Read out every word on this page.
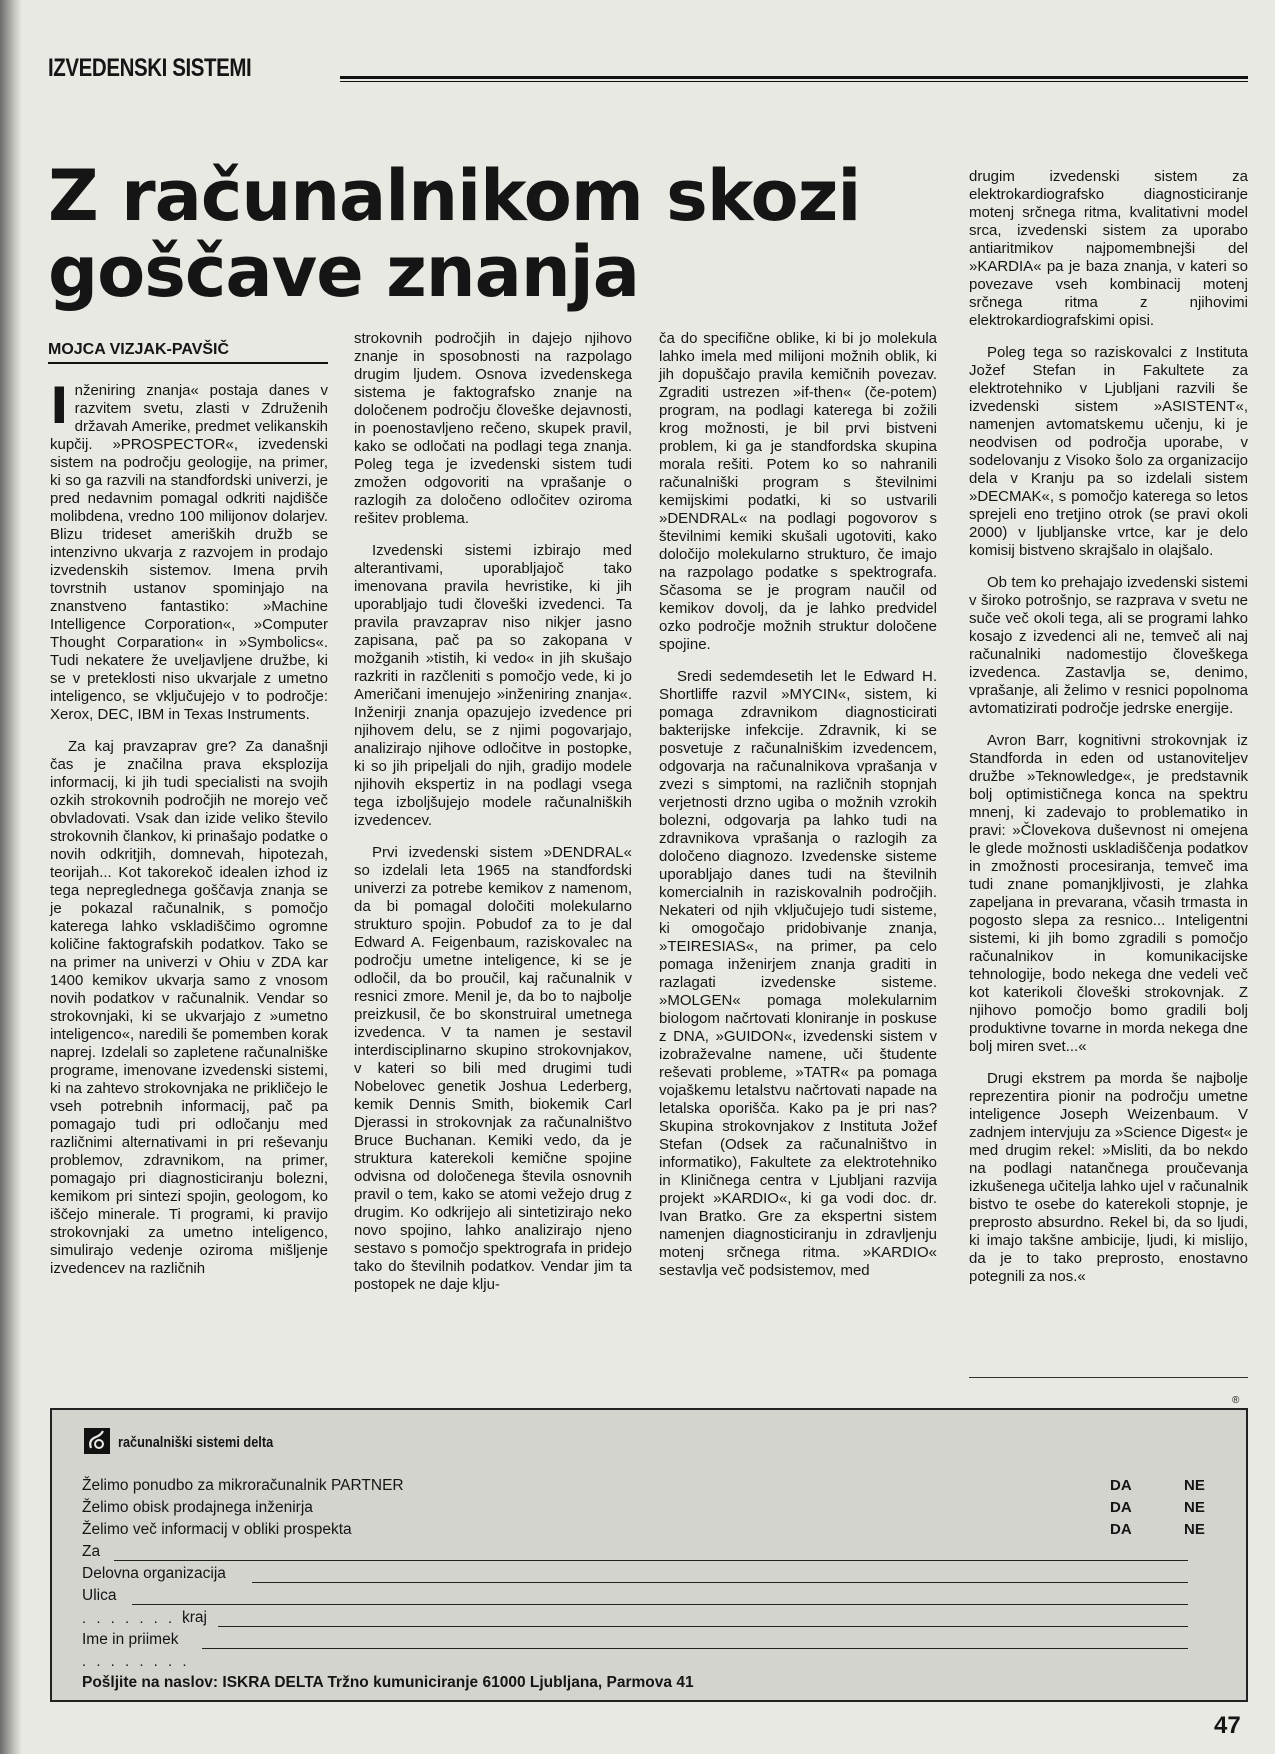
IZVEDENSKI SISTEMI
Z računalnikom skozi
goščave znanja
MOJCA VIZJAK-PAVŠIČ

Inženiring znanja« postaja danes v razvitem svetu, zlasti v Združenih državah Amerike, predmet velikanskih kupčij. »PROSPECTOR«, izvedenski sistem na področju geologije, na primer, ki so ga razvili na standfordski univerzi, je pred nedavnim pomagal odkriti najdišče molibdena, vredno 100 milijonov dolarjev. Blizu trideset ameriških družb se intenzivno ukvarja z razvojem in prodajo izvedenskih sistemov. Imena prvih tovrstnih ustanov spominjajo na znanstveno fantastiko: »Machine Intelligence Corporation«, »Computer Thought Corparation« in »Symbolics«. Tudi nekatere že uveljavljene družbe, ki se v preteklosti niso ukvarjale z umetno inteligenco, se vključujejo v to področje: Xerox, DEC, IBM in Texas Instruments.

Za kaj pravzaprav gre? Za današnji čas je značilna prava eksplozija informacij, ki jih tudi specialisti na svojih ozkih strokovnih področjih ne morejo več obvladovati. Vsak dan izide veliko število strokovnih člankov, ki prinašajo podatke o novih odkritjih, domnevah, hipotezah, teorijah... Kot takorekoč idealen izhod iz tega nepreglednega goščavja znanja se je pokazal računalnik, s pomočjo katerega lahko vskladiščimo ogromne količine faktografskih podatkov. Tako se na primer na univerzi v Ohiu v ZDA kar 1400 kemikov ukvarja samo z vnosom novih podatkov v računalnik. Vendar so strokovnjaki, ki se ukvarjajo z »umetno inteligenco«, naredili še pomemben korak naprej. Izdelali so zapletene računalniške programe, imenovane izvedenski sistemi, ki na zahtevo strokovnjaka ne prikličejo le vseh potrebnih informacij, pač pa pomagajo tudi pri odločanju med različnimi alternativami in pri reševanju problemov, zdravnikom, na primer, pomagajo pri diagnosticiranju bolezni, kemikom pri sintezi spojin, geologom, ko iščejo minerale. Ti programi, ki pravijo strokovnjaki za umetno inteligenco, simulirajo vedenje oziroma mišljenje izvedencev na različnih

strokovnih področjih in dajejo njihovo znanje in sposobnosti na razpolago drugim ljudem. Osnova izvedenskega sistema je faktografsko znanje na določenem področju človeške dejavnosti, in poenostavljeno rečeno, skupek pravil, kako se odločati na podlagi tega znanja. Poleg tega je izvedenski sistem tudi zmožen odgovoriti na vprašanje o razlogih za določeno odločitev oziroma rešitev problema.

Izvedenski sistemi izbirajo med alterantivami, uporabljajoč tako imenovana pravila hevristike, ki jih uporabljajo tudi človeški izvedenci. Ta pravila pravzaprav niso nikjer jasno zapisana, pač pa so zakopana v možganih »tistih, ki vedo« in jih skušajo razkriti in razčleniti s pomočjo vede, ki jo Američani imenujejo »inženiring znanja«. Inženirji znanja opazujejo izvedence pri njihovem delu, se z njimi pogovarjajo, analizirajo njihove odločitve in postopke, ki so jih pripeljali do njih, gradijo modele njihovih ekspertiz in na podlagi vsega tega izboljšujejo modele računalniških izvedencev.

Prvi izvedenski sistem »DENDRAL« so izdelali leta 1965 na standfordski univerzi za potrebe kemikov z namenom, da bi pomagal določiti molekularno strukturo spojin. Pobudof za to je dal Edward A. Feigenbaum, raziskovalec na področju umetne inteligence, ki se je odločil, da bo proučil, kaj računalnik v resnici zmore. Menil je, da bo to najbolje preizkusil, če bo skonstruiral umetnega izvedenca. V ta namen je sestavil interdisciplinarno skupino strokovnjakov, v kateri so bili med drugimi tudi Nobelovec genetik Joshua Lederberg, kemik Dennis Smith, biokemik Carl Djerassi in strokovnjak za računalništvo Bruce Buchanan. Kemiki vedo, da je struktura katerekoli kemične spojine odvisna od določenega števila osnovnih pravil o tem, kako se atomi vežejo drug z drugim. Ko odkrijejo ali sintetizirajo neko novo spojino, lahko analizirajo njeno sestavo s pomočjo spektrografa in pridejo tako do številnih podatkov. Vendar jim ta postopek ne daje klju-

ča do specifične oblike, ki bi jo molekula lahko imela med milijoni možnih oblik, ki jih dopuščajo pravila kemičnih povezav. Zgraditi ustrezen »if-then« (če-potem) program, na podlagi katerega bi zožili krog možnosti, je bil prvi bistveni problem, ki ga je standfordska skupina morala rešiti. Potem ko so nahranili računalniški program s številnimi kemijskimi podatki, ki so ustvarili »DENDRAL« na podlagi pogovorov s številnimi kemiki skušali ugotoviti, kako določijo molekularno strukturo, če imajo na razpolago podatke s spektrografa. Sčasoma se je program naučil od kemikov dovolj, da je lahko predvidel ozko področje možnih struktur določene spojine.

Sredi sedemdesetih let le Edward H. Shortliffe razvil »MYCIN«, sistem, ki pomaga zdravnikom diagnosticirati bakterijske infekcije. Zdravnik, ki se posvetuje z računalniškim izvedencem, odgovarja na računalnikova vprašanja v zvezi s simptomi, na različnih stopnjah verjetnosti drzno ugiba o možnih vzrokih bolezni, odgovarja pa lahko tudi na zdravnikova vprašanja o razlogih za določeno diagnozo. Izvedenske sisteme uporabljajo danes tudi na številnih komercialnih in raziskovalnih področjih. Nekateri od njih vključujejo tudi sisteme, ki omogočajo pridobivanje znanja, »TEIRESIAS«, na primer, pa celo pomaga inženirjem znanja graditi in razlagati izvedenske sisteme. »MOLGEN« pomaga molekularnim biologom načrtovati kloniranje in poskuse z DNA, »GUIDON«, izvedenski sistem v izobraževalne namene, uči študente reševati probleme, »TATR« pa pomaga vojaškemu letalstvu načrtovati napade na letalska oporišča. Kako pa je pri nas? Skupina strokovnjakov z Instituta Jožef Stefan (Odsek za računalništvo in informatiko), Fakultete za elektrotehniko in Kliničnega centra v Ljubljani razvija projekt »KARDIO«, ki ga vodi doc. dr. Ivan Bratko. Gre za ekspertni sistem namenjen diagnosticiranju in zdravljenju motenj srčnega ritma. »KARDIO« sestavlja več podsistemov, med

drugim izvedenski sistem za elektrokardiografsko diagnosticiranje motenj srčnega ritma, kvalitativni model srca, izvedenski sistem za uporabo antiaritmikov najpomembnejši del »KARDIA« pa je baza znanja, v kateri so povezave vseh kombinacij motenj srčnega ritma z njihovimi elektrokardiografskimi opisi.

Poleg tega so raziskovalci z Instituta Jožef Stefan in Fakultete za elektrotehniko v Ljubljani razvili še izvedenski sistem »ASISTENT«, namenjen avtomatskemu učenju, ki je neodvisen od področja uporabe, v sodelovanju z Visoko šolo za organizacijo dela v Kranju pa so izdelali sistem »DECMAK«, s pomočjo katerega so letos sprejeli eno tretjino otrok (se pravi okoli 2000) v ljubljanske vrtce, kar je delo komisij bistveno skrajšalo in olajšalo.

Ob tem ko prehajajo izvedenski sistemi v široko potrošnjo, se razprava v svetu ne suče več okoli tega, ali se programi lahko kosajo z izvedenci ali ne, temveč ali naj računalniki nadomestijo človeškega izvedenca. Zastavlja se, denimo, vprašanje, ali želimo v resnici popolnoma avtomatizirati področje jedrske energije.

Avron Barr, kognitivni strokovnjak iz Standforda in eden od ustanoviteljev družbe »Teknowledge«, je predstavnik bolj optimističnega konca na spektru mnenj, ki zadevajo to problematiko in pravi: »Človekova duševnost ni omejena le glede možnosti uskladiščenja podatkov in zmožnosti procesiranja, temveč ima tudi znane pomanjkljivosti, je zlahka zapeljana in prevarana, včasih trmasta in pogosto slepa za resnico... Inteligentni sistemi, ki jih bomo zgradili s pomočjo računalnikov in komunikacijske tehnologije, bodo nekega dne vedeli več kot katerikoli človeški strokovnjak. Z njihovo pomočjo bomo gradili bolj produktivne tovarne in morda nekega dne bolj miren svet...«

Drugi ekstrem pa morda še najbolje reprezentira pionir na področju umetne inteligence Joseph Weizenbaum. V zadnjem intervjuju za »Science Digest« je med drugim rekel: »Misliti, da bo nekdo na podlagi natančnega proučevanja izkušenega učitelja lahko ujel v računalnik bistvo te osebe do katerekoli stopnje, je preprosto absurdno. Rekel bi, da so ljudi, ki imajo takšne ambicije, ljudi, ki mislijo, da je to tako preprosto, enostavno potegnili za nos.«

®
računalniški sistemi delta
Želimo ponudbo za mikroračunalnik PARTNER	DA	NE
Želimo obisk prodajnega inženirja	DA	NE
Želimo več informacij v obliki prospekta	DA	NE
Za
Delovna organizacija
Ulica
. . . . . . . .
kraj
Ime in priimek
. . . . . . . .
Pošljite na naslov: ISKRA DELTA Tržno kumuniciranje 61000 Ljubljana, Parmova 41
47
